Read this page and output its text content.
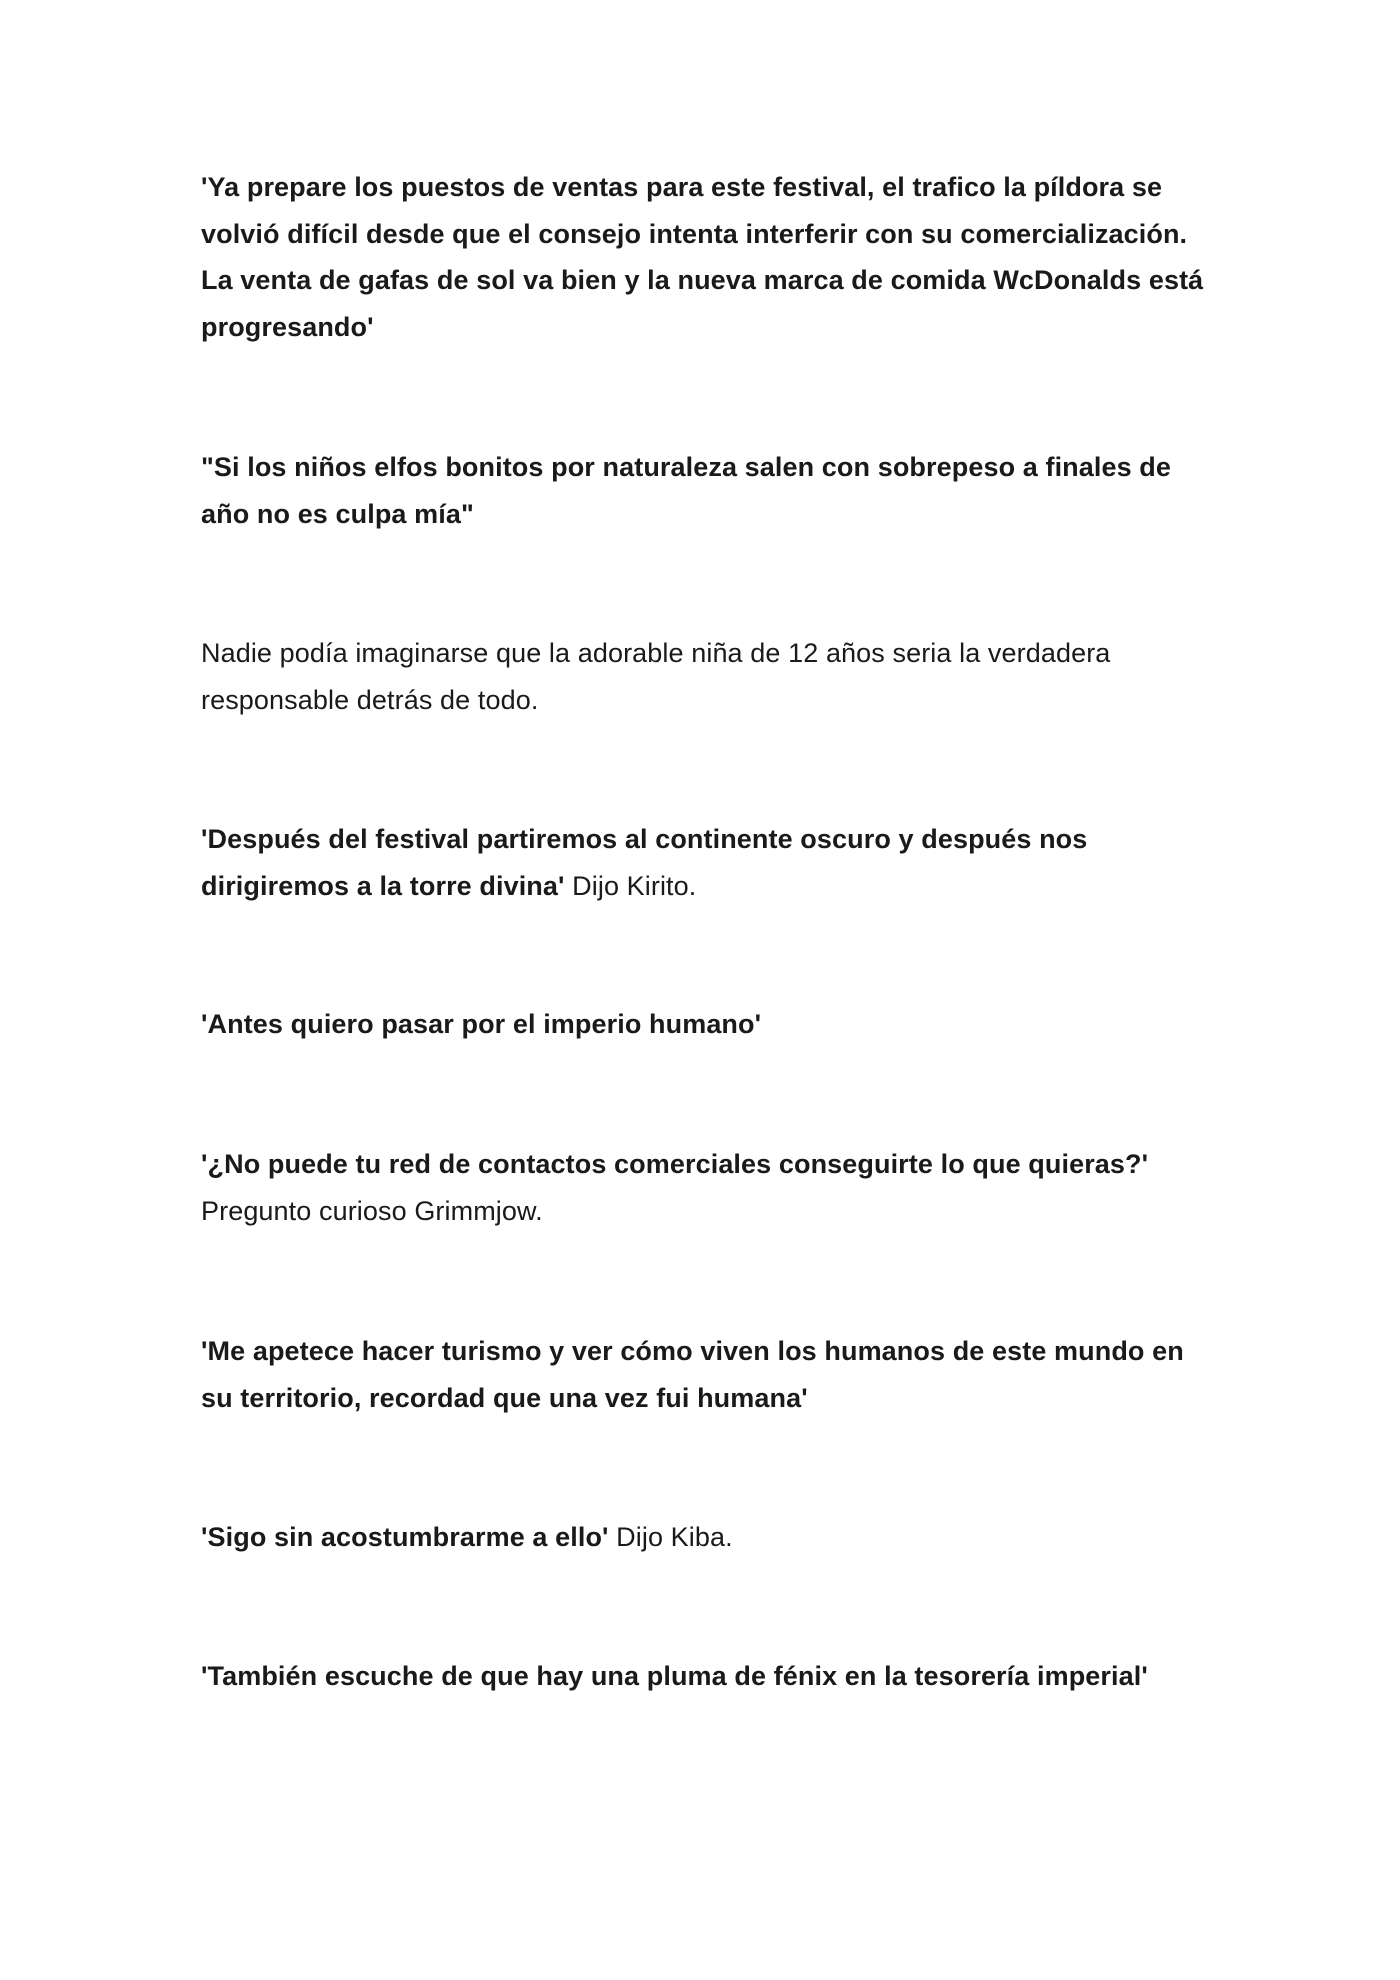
'Ya prepare los puestos de ventas para este festival, el trafico la píldora se volvió difícil desde que el consejo intenta interferir con su comercialización. La venta de gafas de sol va bien y la nueva marca de comida WcDonalds está progresando'

"Si los niños elfos bonitos por naturaleza salen con sobrepeso a finales de año no es culpa mía"

Nadie podía imaginarse que la adorable niña de 12 años seria la verdadera responsable detrás de todo.

'Después del festival partiremos al continente oscuro y después nos dirigiremos a la torre divina' Dijo Kirito.

'Antes quiero pasar por el imperio humano'

'¿No puede tu red de contactos comerciales conseguirte lo que quieras?' Pregunto curioso Grimmjow.

'Me apetece hacer turismo y ver cómo viven los humanos de este mundo en su territorio, recordad que una vez fui humana'

'Sigo sin acostumbrarme a ello' Dijo Kiba.

'También escuche de que hay una pluma de fénix en la tesorería imperial'
